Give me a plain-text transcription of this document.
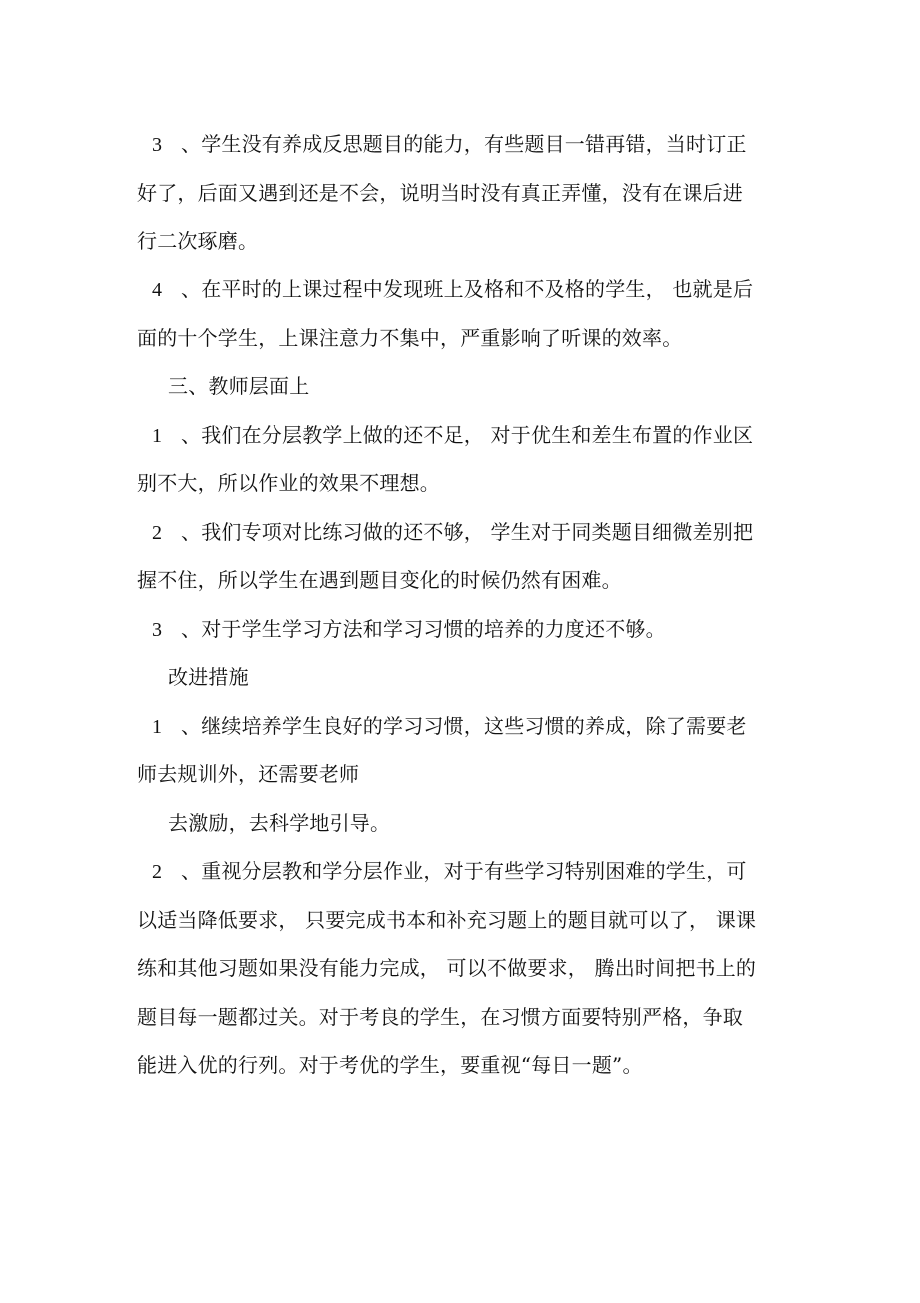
3 、学生没有养成反思题目的能力，有些题目一错再错，当时订正
好了，后面又遇到还是不会，说明当时没有真正弄懂，没有在课后进
行二次琢磨。
4 、在平时的上课过程中发现班上及格和不及格的学生， 也就是后
面的十个学生，上课注意力不集中，严重影响了听课的效率。
三、教师层面上
1 、我们在分层教学上做的还不足， 对于优生和差生布置的作业区
别不大，所以作业的效果不理想。
2 、我们专项对比练习做的还不够， 学生对于同类题目细微差别把
握不住，所以学生在遇到题目变化的时候仍然有困难。
3 、对于学生学习方法和学习习惯的培养的力度还不够。
改进措施
1 、继续培养学生良好的学习习惯，这些习惯的养成，除了需要老
师去规训外，还需要老师
去激励，去科学地引导。
2 、重视分层教和学分层作业，对于有些学习特别困难的学生，可
以适当降低要求， 只要完成书本和补充习题上的题目就可以了， 课课
练和其他习题如果没有能力完成， 可以不做要求， 腾出时间把书上的
题目每一题都过关。对于考良的学生，在习惯方面要特别严格，争取
能进入优的行列。对于考优的学生，要重视“每日一题”。
